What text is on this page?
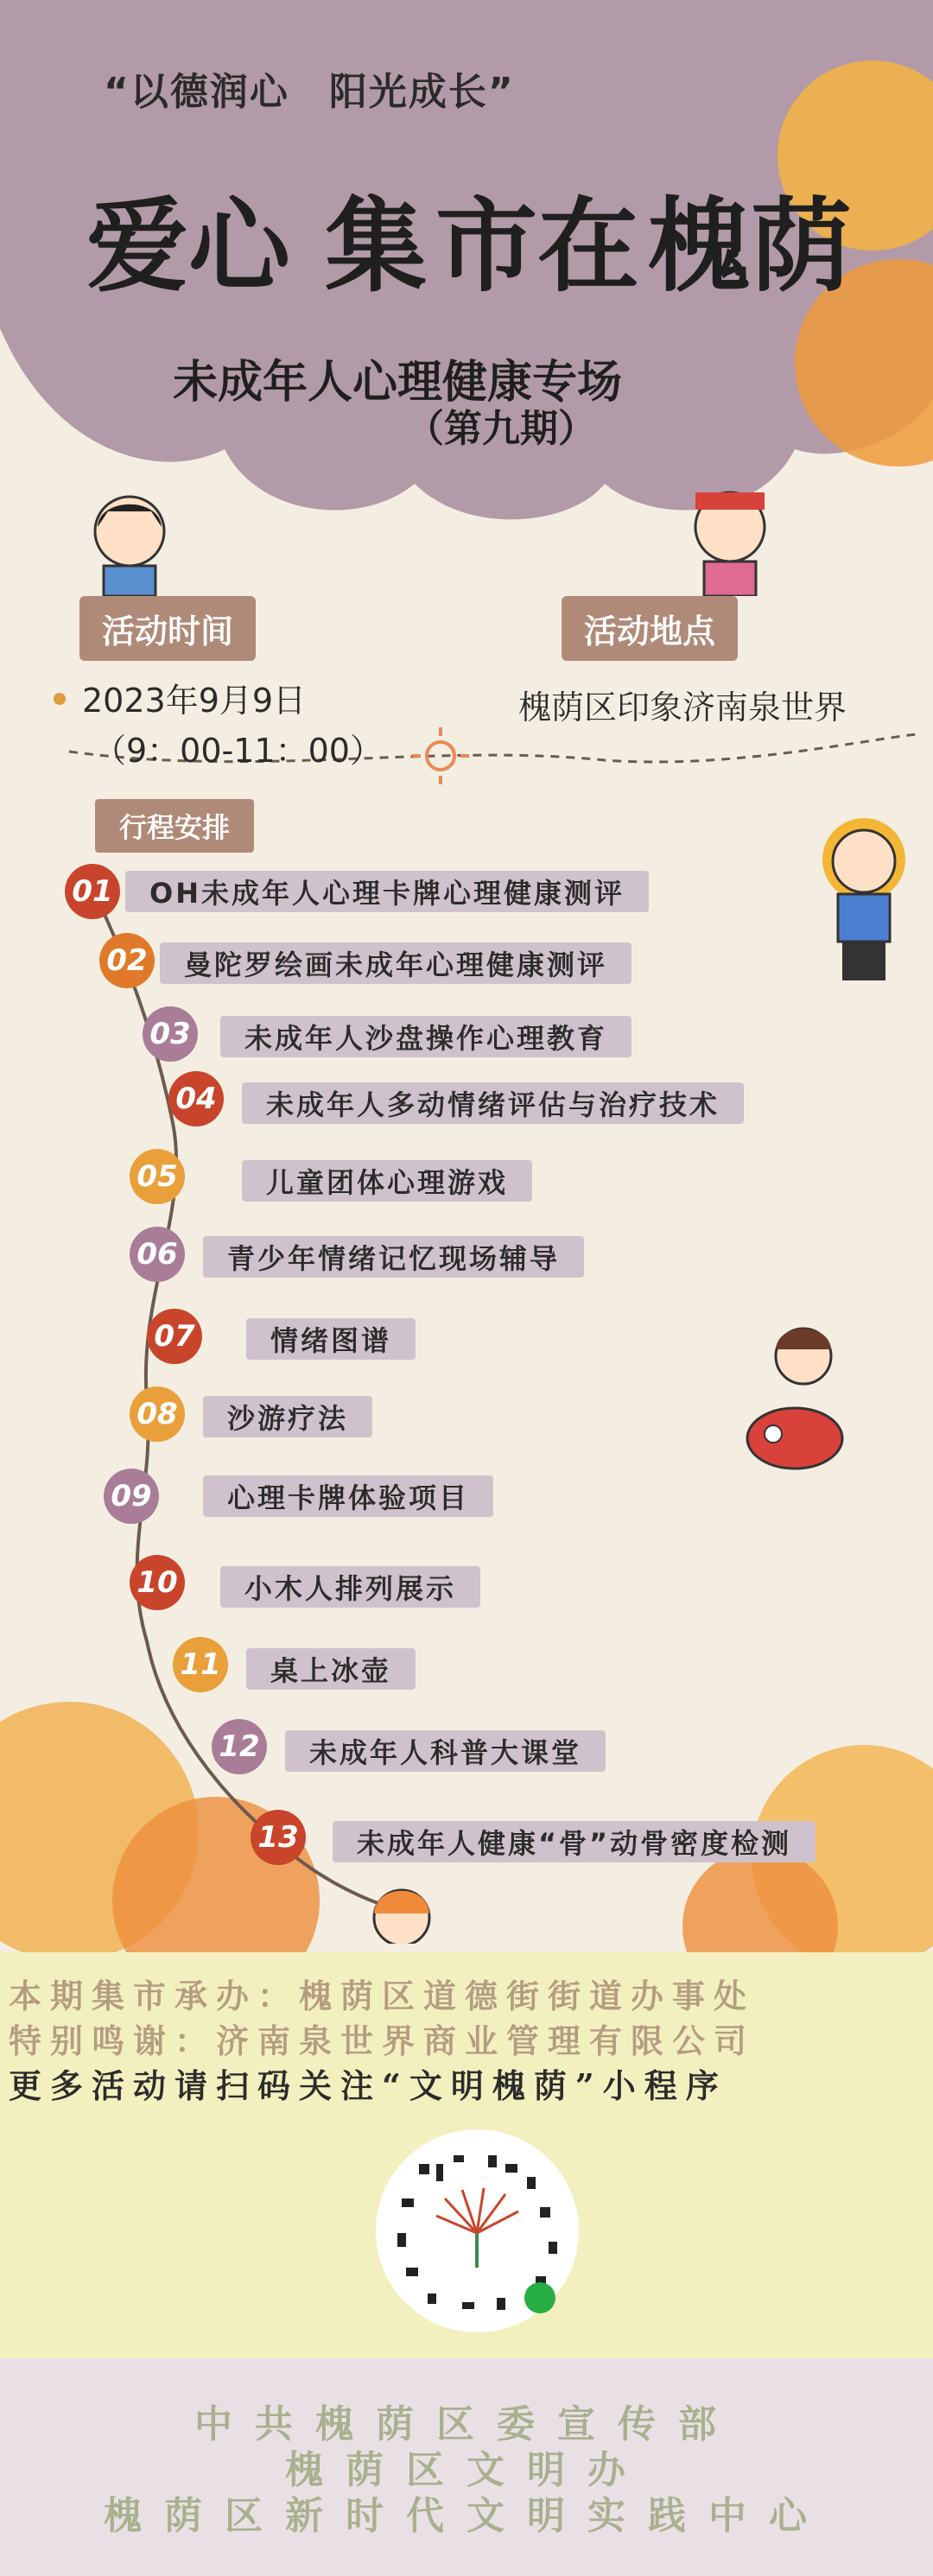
“以德润心　阳光成长”
爱心 集 市在 槐荫
未成年人心理健康专场
（第九期）
活动时间	活动地点
2023年9月9日
（9：00-11：00）
槐荫区印象济南泉世界
行程安排
01	OH未成年人心理卡牌心理健康测评
02	曼陀罗绘画未成年心理健康测评
03	未成年人沙盘操作心理教育
04	未成年人多动情绪评估与治疗技术
05	儿童团体心理游戏
06	青少年情绪记忆现场辅导
07	情绪图谱
08	沙游疗法
09	心理卡牌体验项目
10	小木人排列展示
11	桌上冰壶
12	未成年人科普大课堂
13	未成年人健康“骨”动骨密度检测
本期集市承办：槐荫区道德街街道办事处
特别鸣谢：济南泉世界商业管理有限公司
更多活动请扫码关注“文明槐荫”小程序
中共槐荫区委宣传部
槐荫区文明办
槐荫区新时代文明实践中心
